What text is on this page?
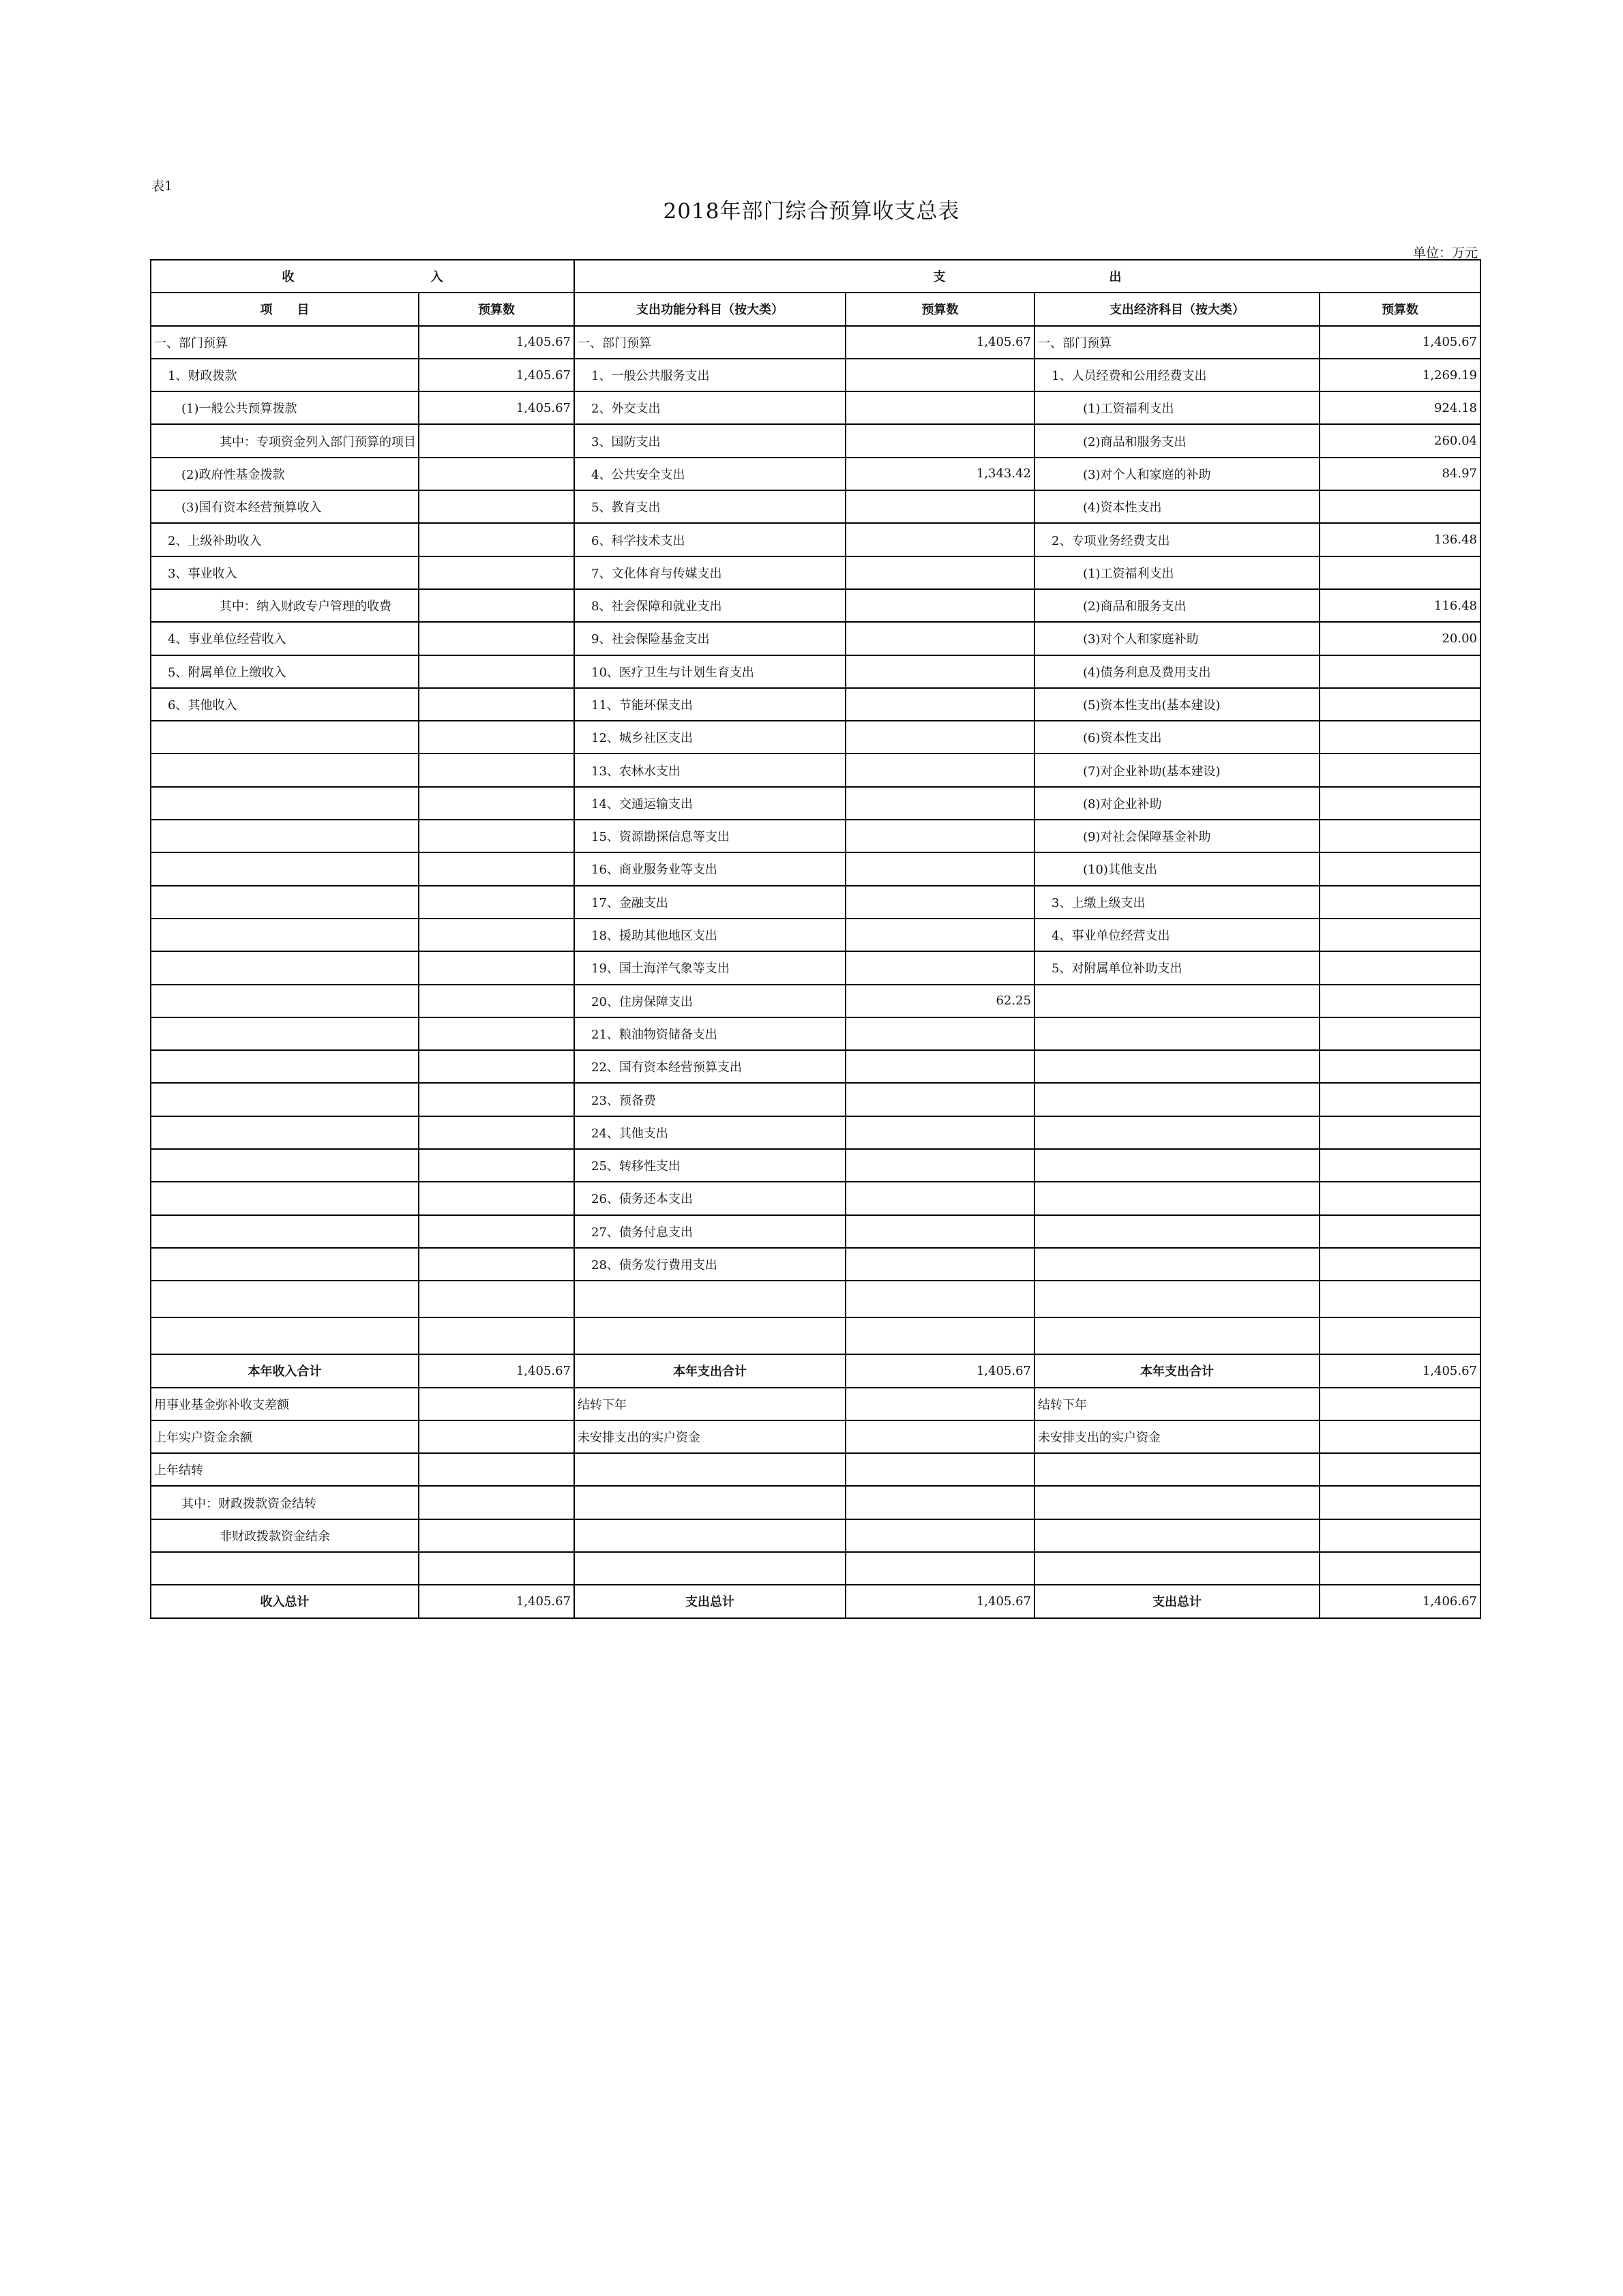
表1
2018年部门综合预算收支总表
单位：万元
收 入		支 出			
项　　目	预算数	支出功能分科目（按大类）	预算数	支出经济科目（按大类）	预算数
一、部门预算	1,405.67	一、部门预算	1,405.67	一、部门预算	1,405.67
1、财政拨款	1,405.67	1、一般公共服务支出		1、人员经费和公用经费支出	1,269.19
(1)一般公共预算拨款	1,405.67	2、外交支出		(1)工资福利支出	924.18
其中：专项资金列入部门预算的项目		3、国防支出		(2)商品和服务支出	260.04
(2)政府性基金拨款		4、公共安全支出	1,343.42	(3)对个人和家庭的补助	84.97
(3)国有资本经营预算收入		5、教育支出		(4)资本性支出	
2、上级补助收入		6、科学技术支出		2、专项业务经费支出	136.48
3、事业收入		7、文化体育与传媒支出		(1)工资福利支出	
其中：纳入财政专户管理的收费		8、社会保障和就业支出		(2)商品和服务支出	116.48
4、事业单位经营收入		9、社会保险基金支出		(3)对个人和家庭补助	20.00
5、附属单位上缴收入		10、医疗卫生与计划生育支出		(4)债务利息及费用支出	
6、其他收入		11、节能环保支出		(5)资本性支出(基本建设)	
		12、城乡社区支出		(6)资本性支出	
		13、农林水支出		(7)对企业补助(基本建设)	
		14、交通运输支出		(8)对企业补助	
		15、资源勘探信息等支出		(9)对社会保障基金补助	
		16、商业服务业等支出		(10)其他支出	
		17、金融支出		3、上缴上级支出	
		18、援助其他地区支出		4、事业单位经营支出	
		19、国土海洋气象等支出		5、对附属单位补助支出	
		20、住房保障支出	62.25		
		21、粮油物资储备支出			
		22、国有资本经营预算支出			
		23、预备费			
		24、其他支出			
		25、转移性支出			
		26、债务还本支出			
		27、债务付息支出			
		28、债务发行费用支出			

本年收入合计	1,405.67	本年支出合计	1,405.67	本年支出合计	1,405.67
用事业基金弥补收支差额		结转下年		结转下年	
上年实户资金余额		未安排支出的实户资金		未安排支出的实户资金	
上年结转					
其中：财政拨款资金结转					
非财政拨款资金结余					

收入总计	1,405.67	支出总计	1,405.67	支出总计	1,406.67
